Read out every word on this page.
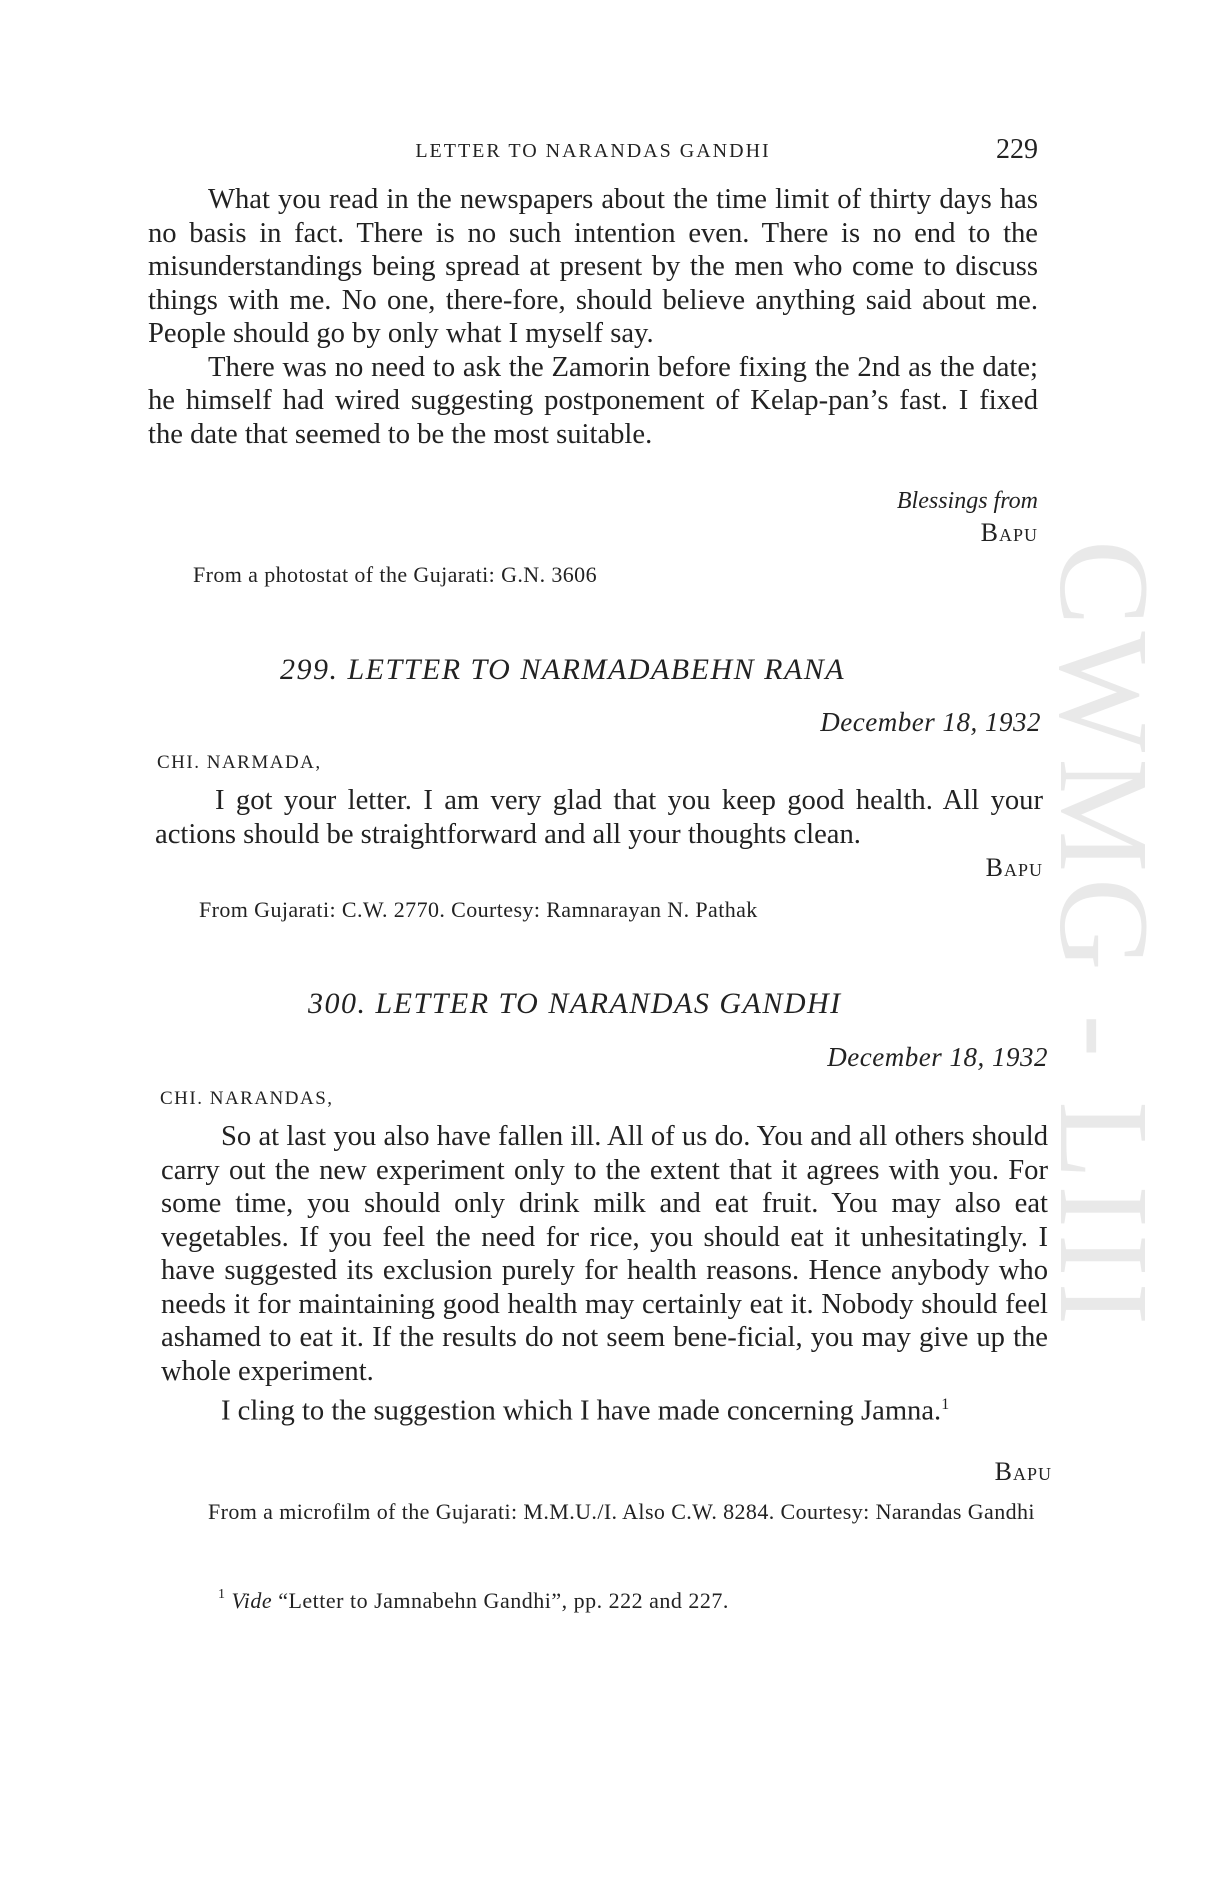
CWMG - LIII
LETTER TO NARANDAS GANDHI	229

What you read in the newspapers about the time limit of thirty days has no basis in fact. There is no such intention even. There is no end to the misunderstandings being spread at present by the men who come to discuss things with me. No one, there-fore, should believe anything said about me. People should go by only what I myself say.

There was no need to ask the Zamorin before fixing the 2nd as the date; he himself had wired suggesting postponement of Kelap-pan’s fast. I fixed the date that seemed to be the most suitable.

Blessings from
Bapu
From a photostat of the Gujarati: G.N. 3606
299. LETTER TO NARMADABEHN RANA
December 18, 1932
CHI. NARMADA,

I got your letter. I am very glad that you keep good health. All your actions should be straightforward and all your thoughts clean.

Bapu
From Gujarati: C.W. 2770. Courtesy: Ramnarayan N. Pathak
300. LETTER TO NARANDAS GANDHI
December 18, 1932
CHI. NARANDAS,

So at last you also have fallen ill. All of us do. You and all others should carry out the new experiment only to the extent that it agrees with you. For some time, you should only drink milk and eat fruit. You may also eat vegetables. If you feel the need for rice, you should eat it unhesitatingly. I have suggested its exclusion purely for health reasons. Hence anybody who needs it for maintaining good health may certainly eat it. Nobody should feel ashamed to eat it. If the results do not seem bene-ficial, you may give up the whole experiment.

I cling to the suggestion which I have made concerning Jamna.$^1$

Bapu
From a microfilm of the Gujarati: M.M.U./I. Also C.W. 8284. Courtesy: Narandas Gandhi
$^1$ Vide “Letter to Jamnabehn Gandhi”, pp. 222 and 227.
